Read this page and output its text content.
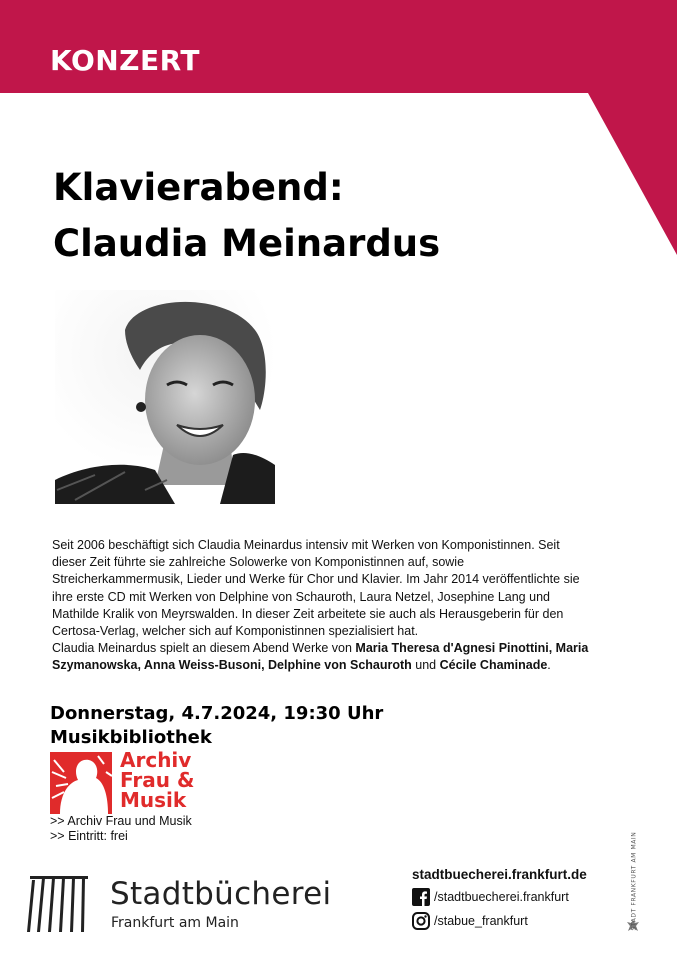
KONZERT
Klavierabend:
Claudia Meinardus

Seit 2006 beschäftigt sich Claudia Meinardus intensiv mit Werken von Komponistinnen. Seit dieser Zeit führte sie zahlreiche Solowerke von Komponistinnen auf, sowie Streicherkammermusik, Lieder und Werke für Chor und Klavier. Im Jahr 2014 veröffentlichte sie ihre erste CD mit Werken von Delphine von Schauroth, Laura Netzel, Josephine Lang und Mathilde Kralik von Meyrswalden. In dieser Zeit arbeitete sie auch als Herausgeberin für den Certosa-Verlag, welcher sich auf Komponistinnen spezialisiert hat.

Claudia Meinardus spielt an diesem Abend Werke von Maria Theresa d'Agnesi Pinottini, Maria Szymanowska, Anna Weiss-Busoni, Delphine von Schauroth und Cécile Chaminade.

Donnerstag, 4.7.2024, 19:30 Uhr
Musikbibliothek
Archiv
Frau &
Musik
>> Archiv Frau und Musik
>> Eintritt: frei
Stadtbücherei
Frankfurt am Main
stadtbuecherei.frankfurt.de
/stadtbuecherei.frankfurt
/stabue_frankfurt	STADT FRANKFURT AM MAIN
